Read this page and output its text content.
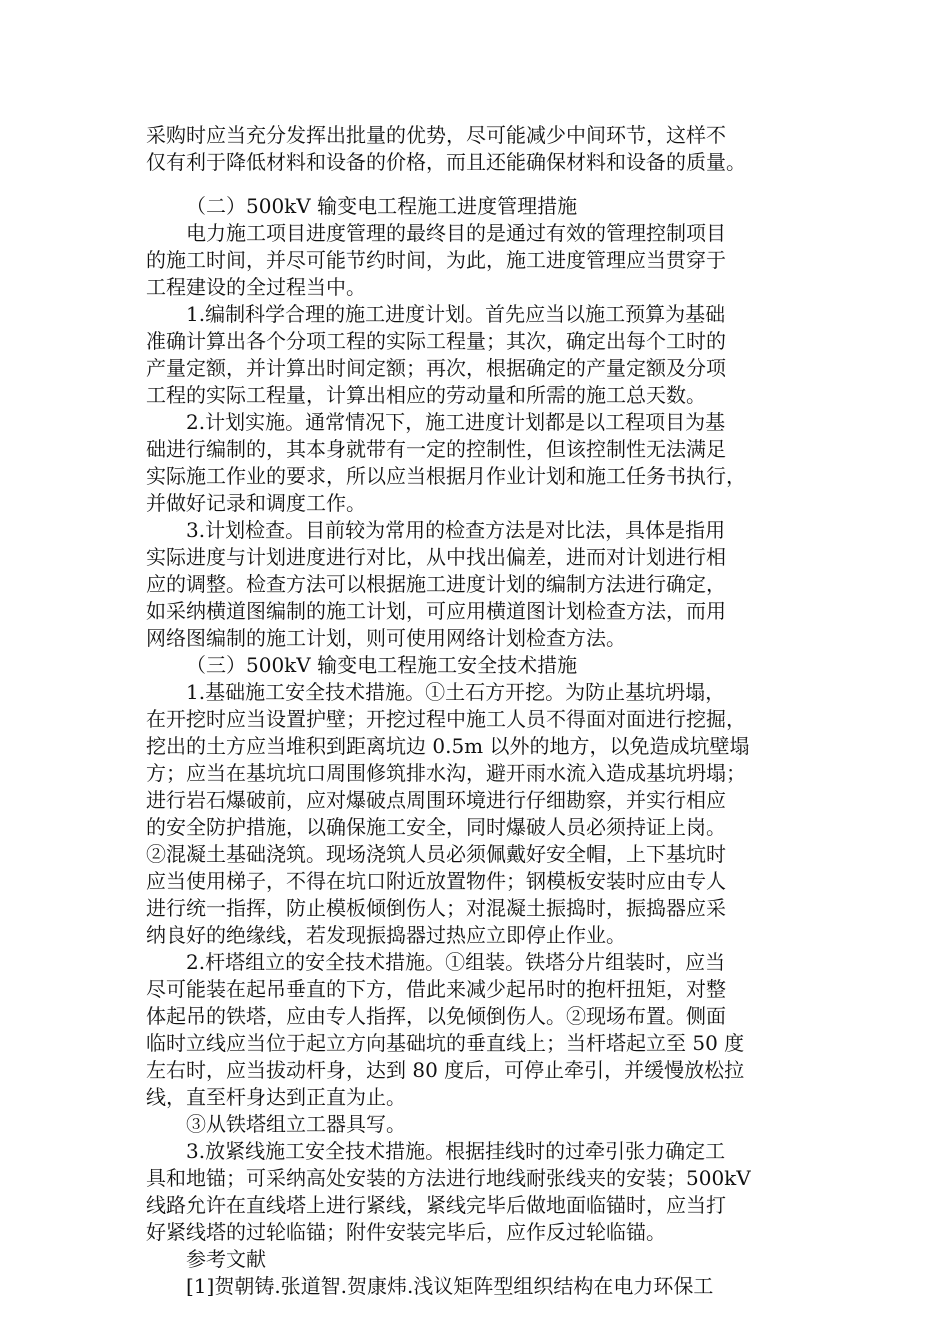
采购时应当充分发挥出批量的优势，尽可能减少中间环节，这样不
仅有利于降低材料和设备的价格，而且还能确保材料和设备的质量。
（二）500kV 输变电工程施工进度管理措施
电力施工项目进度管理的最终目的是通过有效的管理控制项目
的施工时间，并尽可能节约时间，为此，施工进度管理应当贯穿于
工程建设的全过程当中。
1.编制科学合理的施工进度计划。首先应当以施工预算为基础
准确计算出各个分项工程的实际工程量；其次，确定出每个工时的
产量定额，并计算出时间定额；再次，根据确定的产量定额及分项
工程的实际工程量，计算出相应的劳动量和所需的施工总天数。
2.计划实施。通常情况下，施工进度计划都是以工程项目为基
础进行编制的，其本身就带有一定的控制性，但该控制性无法满足
实际施工作业的要求，所以应当根据月作业计划和施工任务书执行，
并做好记录和调度工作。
3.计划检查。目前较为常用的检查方法是对比法，具体是指用
实际进度与计划进度进行对比，从中找出偏差，进而对计划进行相
应的调整。检查方法可以根据施工进度计划的编制方法进行确定，
如采纳横道图编制的施工计划，可应用横道图计划检查方法，而用
网络图编制的施工计划，则可使用网络计划检查方法。
（三）500kV 输变电工程施工安全技术措施
1.基础施工安全技术措施。①土石方开挖。为防止基坑坍塌，
在开挖时应当设置护壁；开挖过程中施工人员不得面对面进行挖掘，
挖出的土方应当堆积到距离坑边 0.5m 以外的地方，以免造成坑壁塌
方；应当在基坑坑口周围修筑排水沟，避开雨水流入造成基坑坍塌；
进行岩石爆破前，应对爆破点周围环境进行仔细勘察，并实行相应
的安全防护措施，以确保施工安全，同时爆破人员必须持证上岗。
②混凝土基础浇筑。现场浇筑人员必须佩戴好安全帽，上下基坑时
应当使用梯子，不得在坑口附近放置物件；钢模板安装时应由专人
进行统一指挥，防止模板倾倒伤人；对混凝土振捣时，振捣器应采
纳良好的绝缘线，若发现振捣器过热应立即停止作业。
2.杆塔组立的安全技术措施。①组装。铁塔分片组装时，应当
尽可能装在起吊垂直的下方，借此来减少起吊时的抱杆扭矩，对整
体起吊的铁塔，应由专人指挥，以免倾倒伤人。②现场布置。侧面
临时立线应当位于起立方向基础坑的垂直线上；当杆塔起立至 50 度
左右时，应当拔动杆身，达到 80 度后，可停止牵引，并缓慢放松拉
线，直至杆身达到正直为止。
③从铁塔组立工器具写。
3.放紧线施工安全技术措施。根据挂线时的过牵引张力确定工
具和地锚；可采纳高处安装的方法进行地线耐张线夹的安装；500kV
线路允许在直线塔上进行紧线，紧线完毕后做地面临锚时，应当打
好紧线塔的过轮临锚；附件安装完毕后，应作反过轮临锚。
参考文献
[1]贺朝铸.张道智.贺康炜.浅议矩阵型组织结构在电力环保工
